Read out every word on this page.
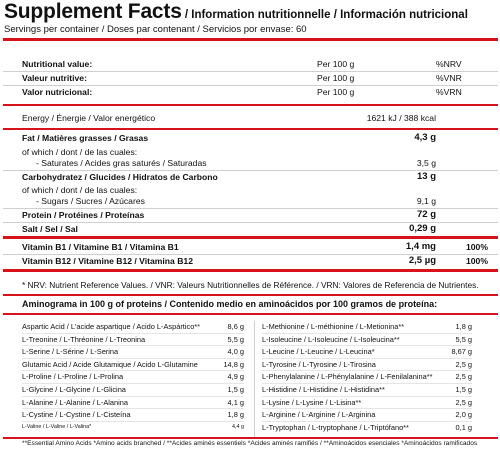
Supplement Facts / Information nutritionnelle / Información nutricional
Servings per container / Doses par contenant / Servicios por envase: 60
Nutritional value:	Per 100 g	%NRV
Valeur nutritive:	Per 100 g	%VNR
Valor nutricional:	Per 100 g	%VRN
Energy / Énergie / Valor energético	1621 kJ / 388 kcal
Fat / Matières grasses / Grasas	4,3 g
of which / dont / de las cuales:
- Saturates / Acides gras saturés / Saturadas	3,5 g
Carbohydratez / Glucides / Hidratos de Carbono	13 g
of which / dont / de las cuales:
- Sugars / Sucres / Azúcares	9,1 g
Protein / Protéines / Proteínas	72 g
Salt / Sel / Sal	0,29 g
Vitamin B1 / Vitamine B1 / Vitamina B1	1,4 mg	100%
Vitamin B12 / Vitamine B12 / Vitamina B12	2,5 µg	100%
* NRV: Nutrient Reference Values. / VNR: Valeurs Nutritionnelles de Référence. / VRN: Valores de Referencia de Nutrientes.
Aminograma in 100 g of proteins / Contenido medio en aminoácidos por 100 gramos de proteína:
Aspartic Acid / L'acide aspartique / Acido L-Aspártico**	8,6 g
L-Treonine / L-Thréonine / L-Treonina	5,5 g
L-Serine / L-Sérine / L-Serina	4,0 g
Glutamic Acid / Acide Glutamique / Acido L-Glutamine	14,8 g
L-Proline / L-Proline / L-Prolina	4,9 g
L-Glycine / L-Glycine / L-Glicina	1,5 g
L-Alanine / L-Alanine / L-Alanina	4,1 g
L-Cystine / L-Cystine / L-Cisteína	1,8 g
L-Valine / L-Valine / L-Valina*	4,4 g
L-Methionine / L-méthionine / L-Metionina**	1,8 g
L-Isoleucine / L-Isoleucine / L-Isoleucina**	5,5 g
L-Leucine / L-Leucine / L-Leucina*	8,67 g
L-Tyrosine / L-Tyrosine / L-Tirosina	2,5 g
L-Phenylalanine / L-Phénylalanine / L-Fenilalanina**	2,5 g
L-Histidine / L-Histidine / L-Histidina**	1,5 g
L-Lysine / L-Lysine / L-Lisina**	2,5 g
L-Arginine / L-Arginine / L-Arginina	2,0 g
L-Tryptophan / L-tryptophane / L-Triptófano**	0,1 g
**Essential Amino Acids *Amino acids branched / **Acides aminés essentiels *Acides aminés ramifiés / **Aminoácidos esenciales *Aminoácidos ramificados
